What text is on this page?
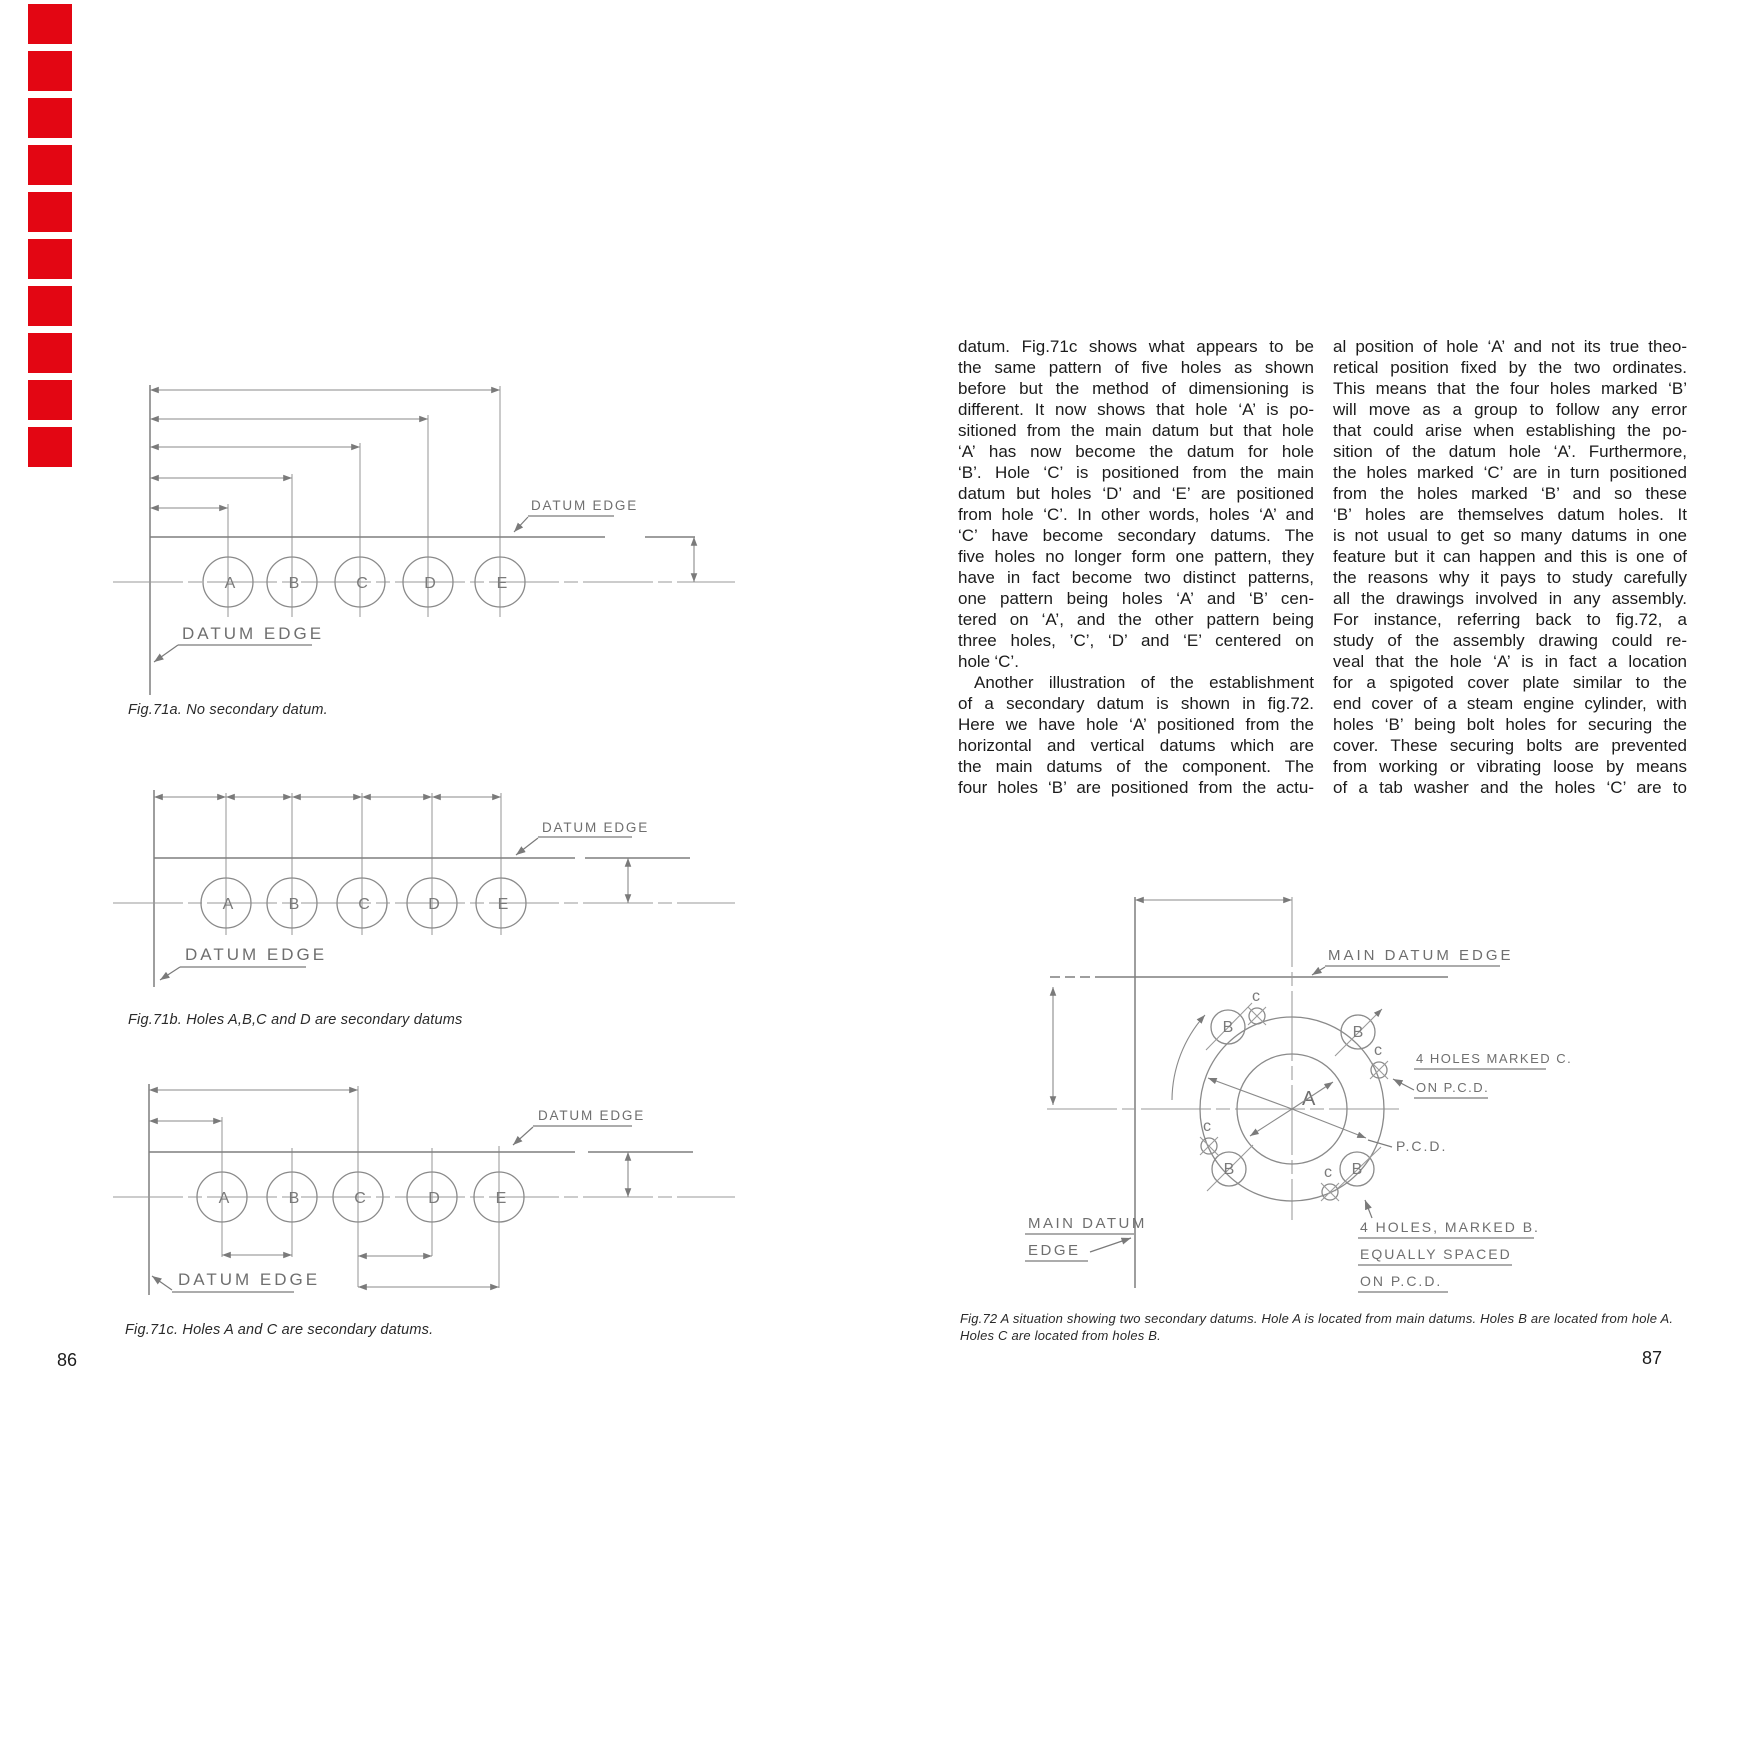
A	B	C	D	E
DATUM EDGE
DATUM EDGE
Fig.71a. No secondary datum.
A	B	C	D	E
DATUM EDGE
DATUM EDGE
Fig.71b. Holes A,B,C and D are secondary datums
A	B	C	D	E
DATUM EDGE
DATUM EDGE
Fig.71c. Holes A and C are secondary datums.
86
datum. Fig.71c shows what appears to be
the same pattern of five holes as shown
before but the method of dimensioning is
different. It now shows that hole ‘A’ is po-
sitioned from the main datum but that hole
‘A’ has now become the datum for hole
‘B’. Hole ‘C’ is positioned from the main
datum but holes ‘D’ and ‘E’ are positioned
from hole ‘C’. In other words, holes ‘A’ and
‘C’ have become secondary datums. The
five holes no longer form one pattern, they
have in fact become two distinct patterns,
one pattern being holes ‘A’ and ‘B’ cen-
tered on ‘A’, and the other pattern being
three holes, ’C’, ‘D’ and ‘E’ centered on
hole ‘C’.
Another illustration of the establishment
of a secondary datum is shown in fig.72.
Here we have hole ‘A’ positioned from the
horizontal and vertical datums which are
the main datums of the component. The
four holes ‘B’ are positioned from the actu-
al position of hole ‘A’ and not its true theo-
retical position fixed by the two ordinates.
This means that the four holes marked ‘B’
will move as a group to follow any error
that could arise when establishing the po-
sition of the datum hole ‘A’. Furthermore,
the holes marked ‘C’ are in turn positioned
from the holes marked ‘B’ and so these
‘B’ holes are themselves datum holes. It
is not usual to get so many datums in one
feature but it can happen and this is one of
the reasons why it pays to study carefully
all the drawings involved in any assembly.
For instance, referring back to fig.72, a
study of the assembly drawing could re-
veal that the hole ‘A’ is in fact a location
for a spigoted cover plate similar to the
end cover of a steam engine cylinder, with
holes ‘B’ being bolt holes for securing the
cover. These securing bolts are prevented
from working or vibrating loose by means
of a tab washer and the holes ‘C’ are to
A
B	B
B	B
c
c
c
c
MAIN DATUM EDGE
4 HOLES MARKED C.
ON P.C.D.
P.C.D.
MAIN DATUM
EDGE
4 HOLES, MARKED B.
EQUALLY SPACED
ON P.C.D.
Fig.72 A situation showing two secondary datums. Hole A is located from main datums. Holes B are located from hole A.
Holes C are located from holes B.
87
